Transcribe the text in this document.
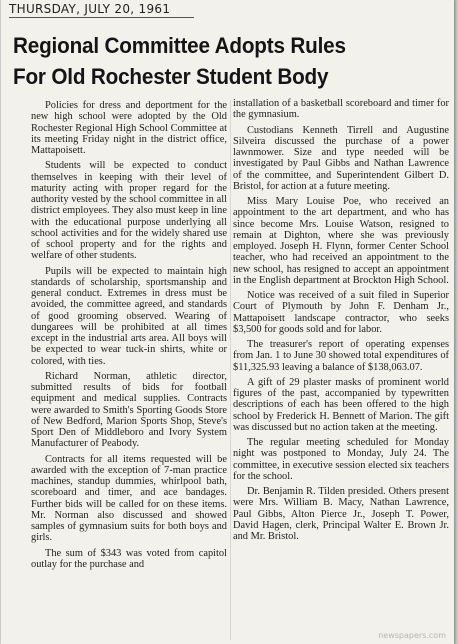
THURSDAY, JULY 20, 1961
Regional Committee Adopts Rules
For Old Rochester Student Body

Policies for dress and deportment for the new high school were adopted by the Old Rochester Regional High School Committee at its meeting Friday night in the district office, Mattapoisett.

Students will be expected to conduct themselves in keeping with their level of maturity acting with proper regard for the authority vested by the school committee in all district employees. They also must keep in line with the educational purpose underlying all school activities and for the widely shared use of school property and for the rights and welfare of other students.

Pupils will be expected to maintain high standards of scholarship, sportsmanship and general conduct. Extremes in dress must be avoided, the committee agreed, and standards of good grooming observed. Wearing of dungarees will be prohibited at all times except in the industrial arts area. All boys will be expected to wear tuck-in shirts, white or colored, with ties.

Richard Norman, athletic director, submitted results of bids for football equipment and medical supplies. Contracts were awarded to Smith's Sporting Goods Store of New Bedford, Marion Sports Shop, Steve's Sport Den of Middleboro and Ivory System Manufacturer of Peabody.

Contracts for all items requested will be awarded with the exception of 7-man practice machines, standup dummies, whirlpool bath, scoreboard and timer, and ace bandages. Further bids will be called for on these items. Mr. Norman also discussed and showed samples of gymnasium suits for both boys and girls.

The sum of $343 was voted from capitol outlay for the purchase and

installation of a basketball scoreboard and timer for the gymnasium.

Custodians Kenneth Tirrell and Augustine Silveira discussed the purchase of a power lawnmower. Size and type needed will be investigated by Paul Gibbs and Nathan Lawrence of the committee, and Superintendent Gilbert D. Bristol, for action at a future meeting.

Miss Mary Louise Poe, who received an appointment to the art department, and who has since become Mrs. Louise Watson, resigned to remain at Dighton, where she was previously employed. Joseph H. Flynn, former Center School teacher, who had received an appointment to the new school, has resigned to accept an appointment in the English department at Brockton High School.

Notice was received of a suit filed in Superior Court of Plymouth by John F. Denham Jr., Mattapoisett landscape contractor, who seeks $3,500 for goods sold and for labor.

The treasurer's report of operating expenses from Jan. 1 to June 30 showed total expenditures of $11,325.93 leaving a balance of $138,063.07.

A gift of 29 plaster masks of prominent world figures of the past, accompanied by typewritten descriptions of each has been offered to the high school by Frederick H. Bennett of Marion. The gift was discussed but no action taken at the meeting.

The regular meeting scheduled for Monday night was postponed to Monday, July 24. The committee, in executive session elected six teachers for the school.

Dr. Benjamin R. Tilden presided. Others present were Mrs. William B. Macy, Nathan Lawrence, Paul Gibbs, Alton Pierce Jr., Joseph T. Power, David Hagen, clerk, Principal Walter E. Brown Jr. and Mr. Bristol.

newspapers.com
